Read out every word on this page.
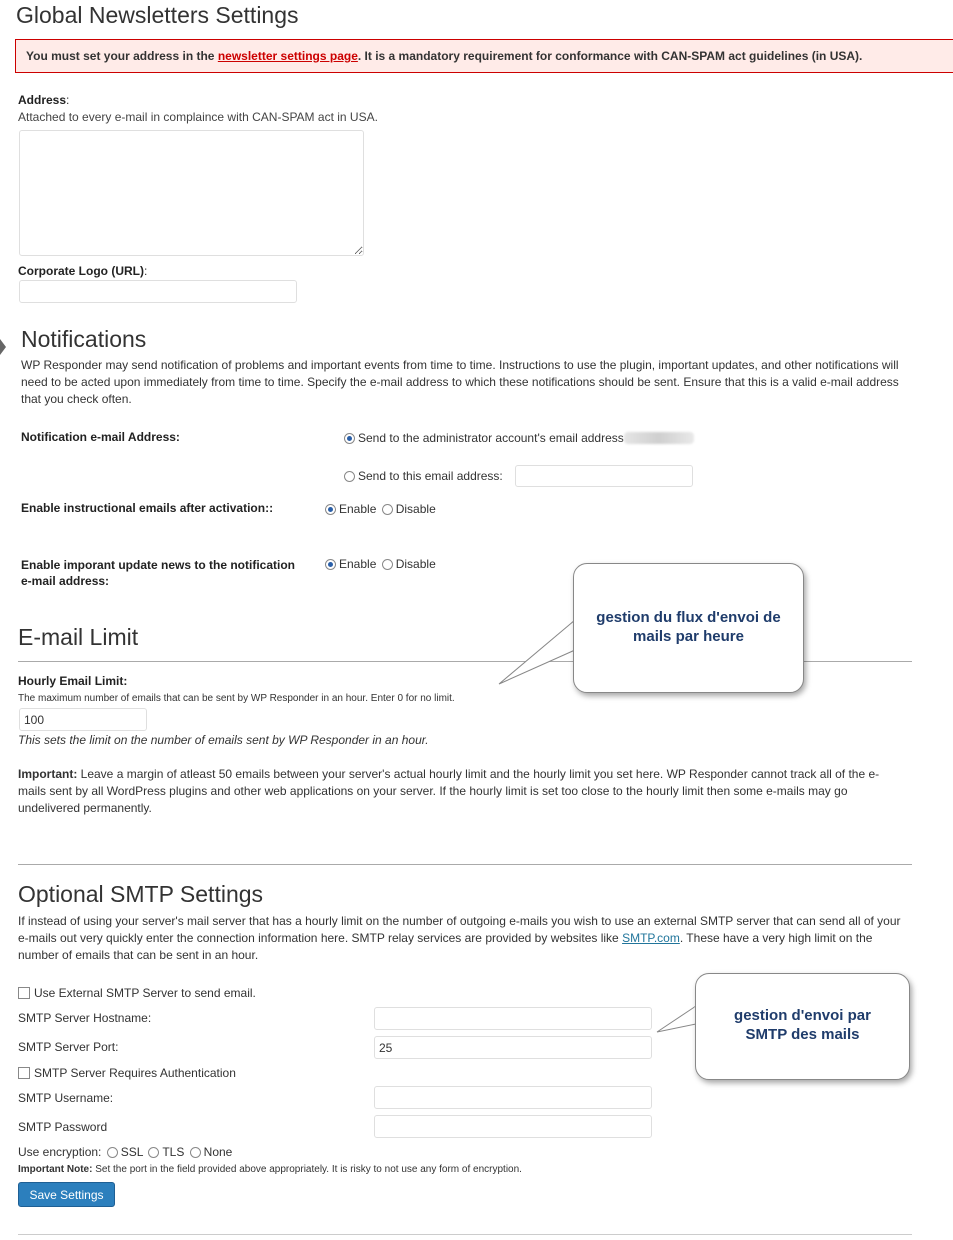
Global Newsletters Settings
You must set your address in the newsletter settings page. It is a mandatory requirement for conformance with CAN-SPAM act guidelines (in USA).
Address:
Attached to every e-mail in complaince with CAN-SPAM act in USA.
Corporate Logo (URL):
Notifications
WP Responder may send notification of problems and important events from time to time. Instructions to use the plugin, important updates, and other notifications will need to be acted upon immediately from time to time. Specify the e-mail address to which these notifications should be sent. Ensure that this is a valid e-mail address that you check often.
Notification e-mail Address:	Send to the administrator account's email address
Send to this email address:
Enable instructional emails after activation::	Enable Disable
Enable imporant update news to the notification
e-mail address:
Enable Disable
E-mail Limit
Hourly Email Limit:
The maximum number of emails that can be sent by WP Responder in an hour. Enter 0 for no limit.
100
This sets the limit on the number of emails sent by WP Responder in an hour.
Important: Leave a margin of atleast 50 emails between your server's actual hourly limit and the hourly limit you set here. WP Responder cannot track all of the e-mails sent by all WordPress plugins and other web applications on your server. If the hourly limit is set too close to the hourly limit then some e-mails may go undelivered permanently.
Optional SMTP Settings
If instead of using your server's mail server that has a hourly limit on the number of outgoing e-mails you wish to use an external SMTP server that can send all of your e-mails out very quickly enter the connection information here. SMTP relay services are provided by websites like SMTP.com. These have a very high limit on the number of emails that can be sent in an hour.
Use External SMTP Server to send email.
SMTP Server Hostname:
SMTP Server Port:
25
SMTP Server Requires Authentication
SMTP Username:
SMTP Password
Use encryption: SSL TLS None
Important Note: Set the port in the field provided above appropriately. It is risky to not use any form of encryption.
Save Settings
gestion du flux d'envoi de mails par heure
gestion d'envoi par SMTP des mails
